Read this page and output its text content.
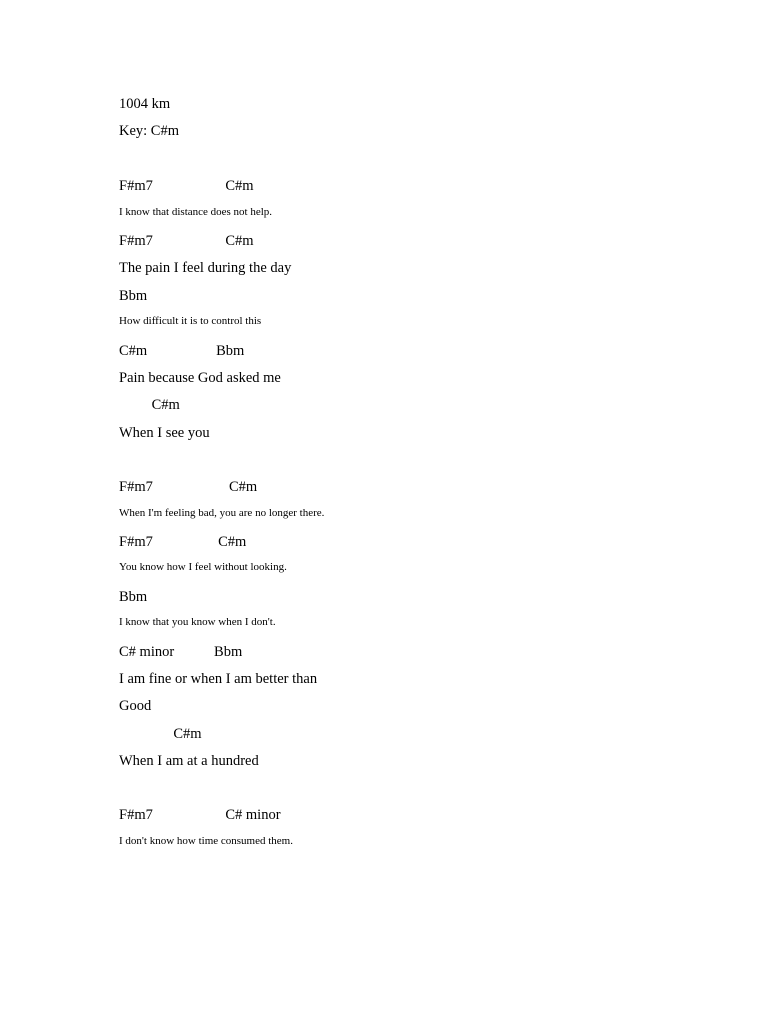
1004 km
Key: C#m
F#m7                    C#m
I know that distance does not help.
F#m7                    C#m
The pain I feel during the day
Bbm
How difficult it is to control this
C#m                   Bbm
Pain because God asked me
C#m
When I see you
F#m7                     C#m
When I'm feeling bad, you are no longer there.
F#m7                  C#m
You know how I feel without looking.
Bbm
I know that you know when I don't.
C# minor           Bbm
I am fine or when I am better than
Good
C#m
When I am at a hundred
F#m7                    C# minor
I don't know how time consumed them.
